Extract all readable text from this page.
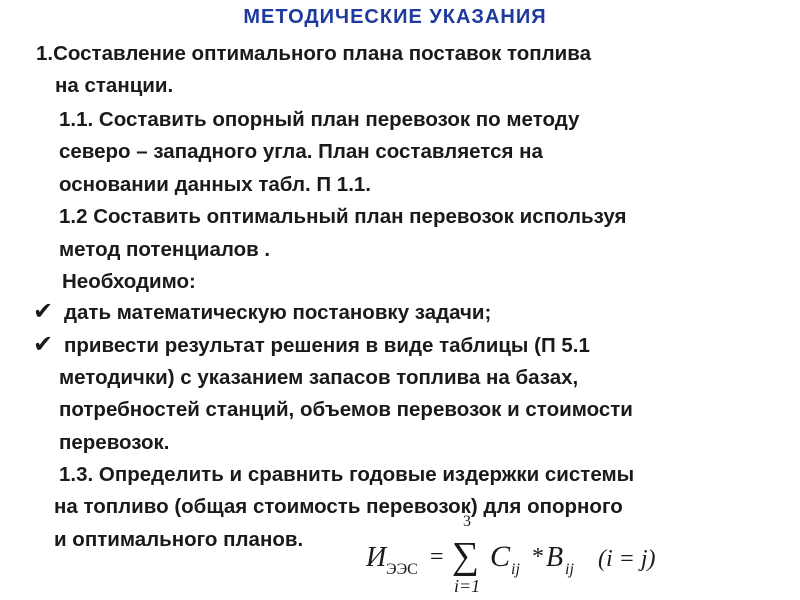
МЕТОДИЧЕСКИЕ УКАЗАНИЯ
1.Составление оптимального плана поставок топлива
на станции.
1.1. Составить опорный план перевозок по методу
северо – западного угла. План составляется на
основании данных табл. П 1.1.
1.2 Составить оптимальный план перевозок используя
метод потенциалов .
Необходимо:
✔ дать математическую постановку задачи;
✔ привести результат решения в виде таблицы (П 5.1
методички) с указанием запасов топлива на базах,
потребностей станций, объемов перевозок и стоимости
перевозок.
1.3. Определить и сравнить годовые издержки системы
на топливо (общая стоимость перевозок) для опорного
и оптимального планов.
И ЭЭС =
3
∑
i=1
C ij * B ij (i = j)
